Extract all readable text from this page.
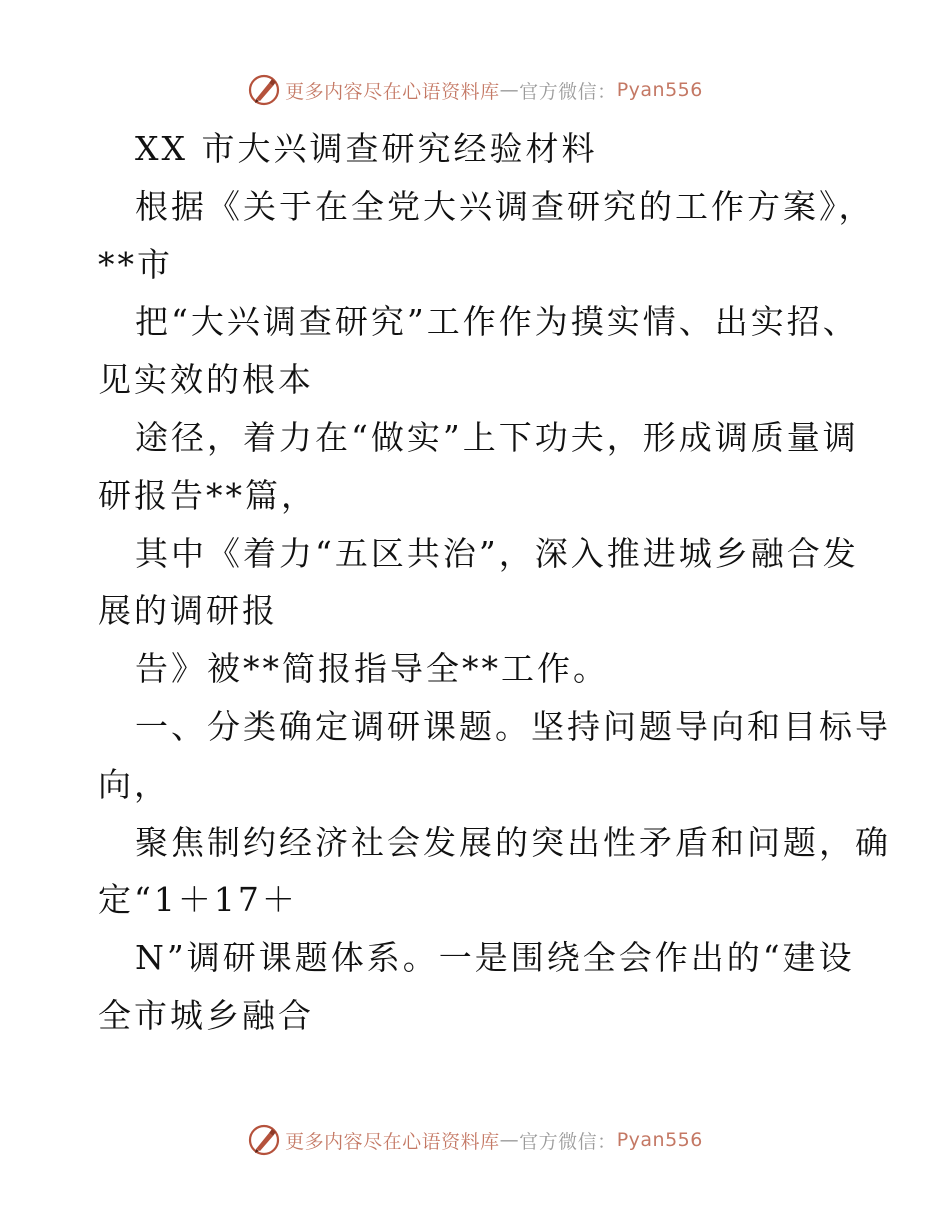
更多内容尽在心语资料库 — 官方微信： Pyan556
XX 市大兴调查研究经验材料
根据《关于在全党大兴调查研究的工作方案》，
**市
把“大兴调查研究”工作作为摸实情、出实招、
见实效的根本
途径，着力在“做实”上下功夫，形成调质量调
研报告**篇，
其中《着力“五区共治”，深入推进城乡融合发
展的调研报
告》被**简报指导全**工作。
一、分类确定调研课题。坚持问题导向和目标导
向，
聚焦制约经济社会发展的突出性矛盾和问题，确
定“1＋17＋
N”调研课题体系。一是围绕全会作出的“建设
全市城乡融合
更多内容尽在心语资料库 — 官方微信： Pyan556
